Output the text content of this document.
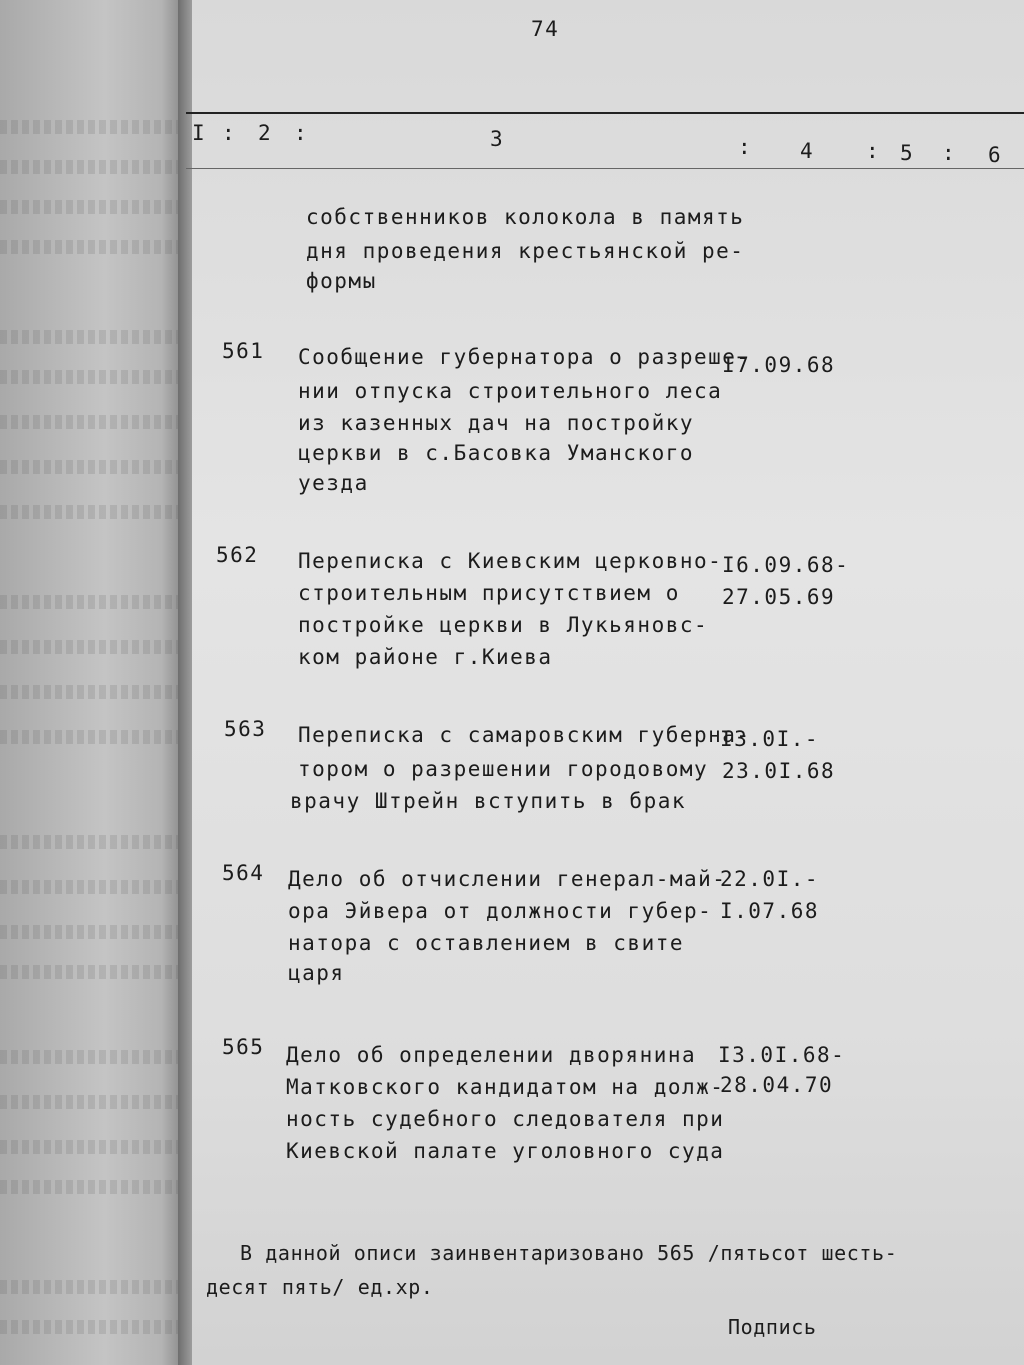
74
I : 2 :	3	: 4 : 5 : 6
собственников колокола в память
дня проведения крестьянской ре-
формы
561 Сообщение губернатора о разреше-
нии отпуска строительного леса
из казенных дач на постройку
церкви в с.Басовка Уманского
уезда
I7.09.68
562 Переписка с Киевским церковно-
строительным присутствием о
постройке церкви в Лукьяновс-
ком районе г.Киева
I6.09.68-
27.05.69
563 Переписка с самаровским губерна-
тором о разрешении городовому
врачу Штрейн вступить в брак
I3.0I.-
23.0I.68
564 Дело об отчислении генерал-май-
ора Эйвера от должности губер-
натора с оставлением в свите
царя
22.0I.-
I.07.68
565 Дело об определении дворянина
Матковского кандидатом на долж-
ность судебного следователя при
Киевской палате уголовного суда
I3.0I.68-
28.04.70
В данной описи заинвентаризовано 565 /пятьсот шесть-
десят пять/ ед.хр.
Подпись
